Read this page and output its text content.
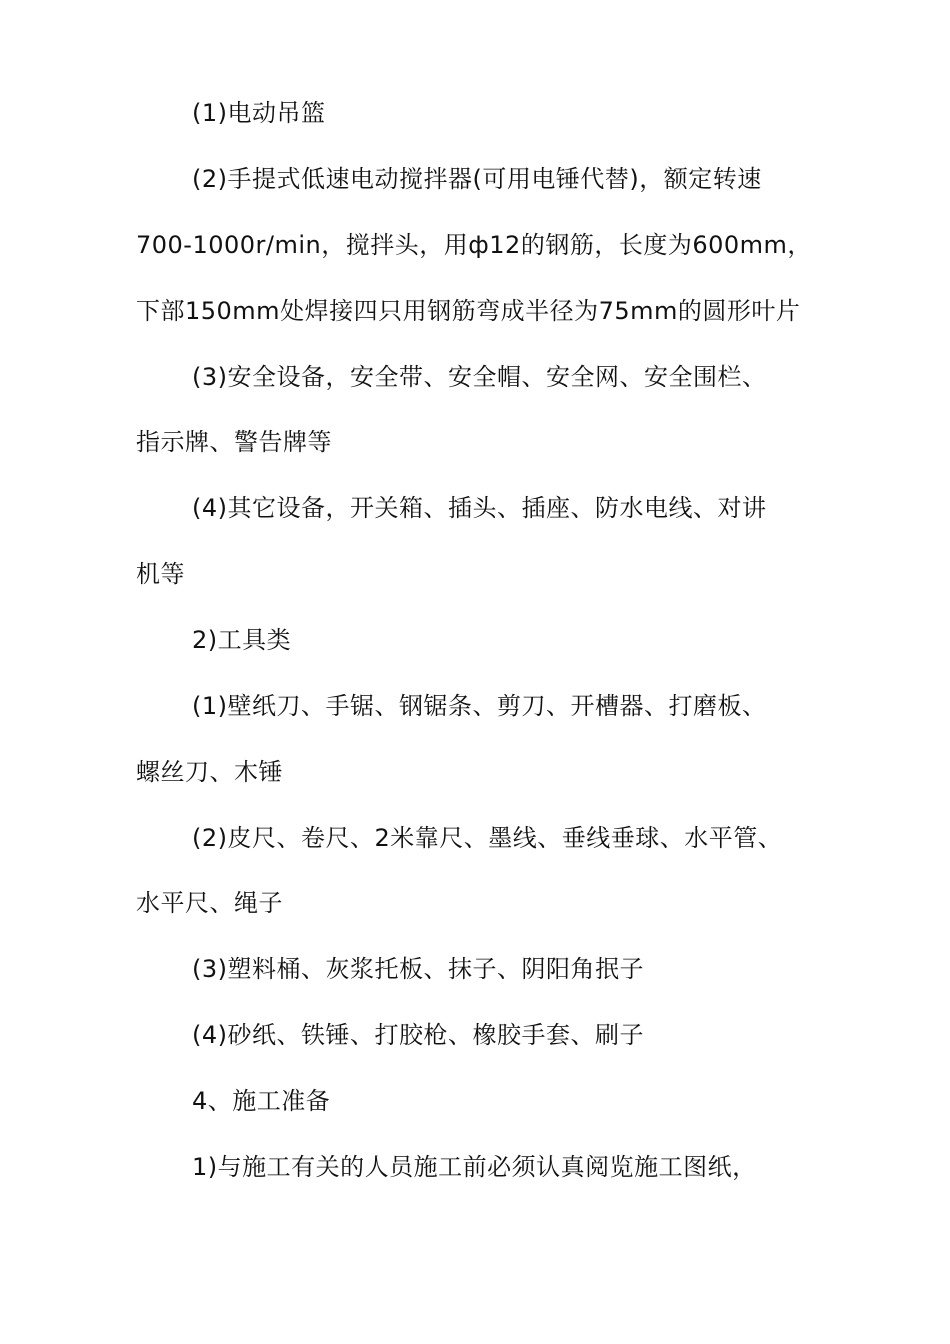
(1)电动吊篮
(2)手提式低速电动搅拌器(可用电锤代替)，额定转速
700-1000r/min，搅拌头，用ф12的钢筋，长度为600mm，
下部150mm处焊接四只用钢筋弯成半径为75mm的圆形叶片
(3)安全设备，安全带、安全帽、安全网、安全围栏、
指示牌、警告牌等
(4)其它设备，开关箱、插头、插座、防水电线、对讲
机等
2)工具类
(1)壁纸刀、手锯、钢锯条、剪刀、开槽器、打磨板、
螺丝刀、木锤
(2)皮尺、卷尺、2米靠尺、墨线、垂线垂球、水平管、
水平尺、绳子
(3)塑料桶、灰浆托板、抹子、阴阳角抿子
(4)砂纸、铁锤、打胶枪、橡胶手套、刷子
4、施工准备
1)与施工有关的人员施工前必须认真阅览施工图纸，
